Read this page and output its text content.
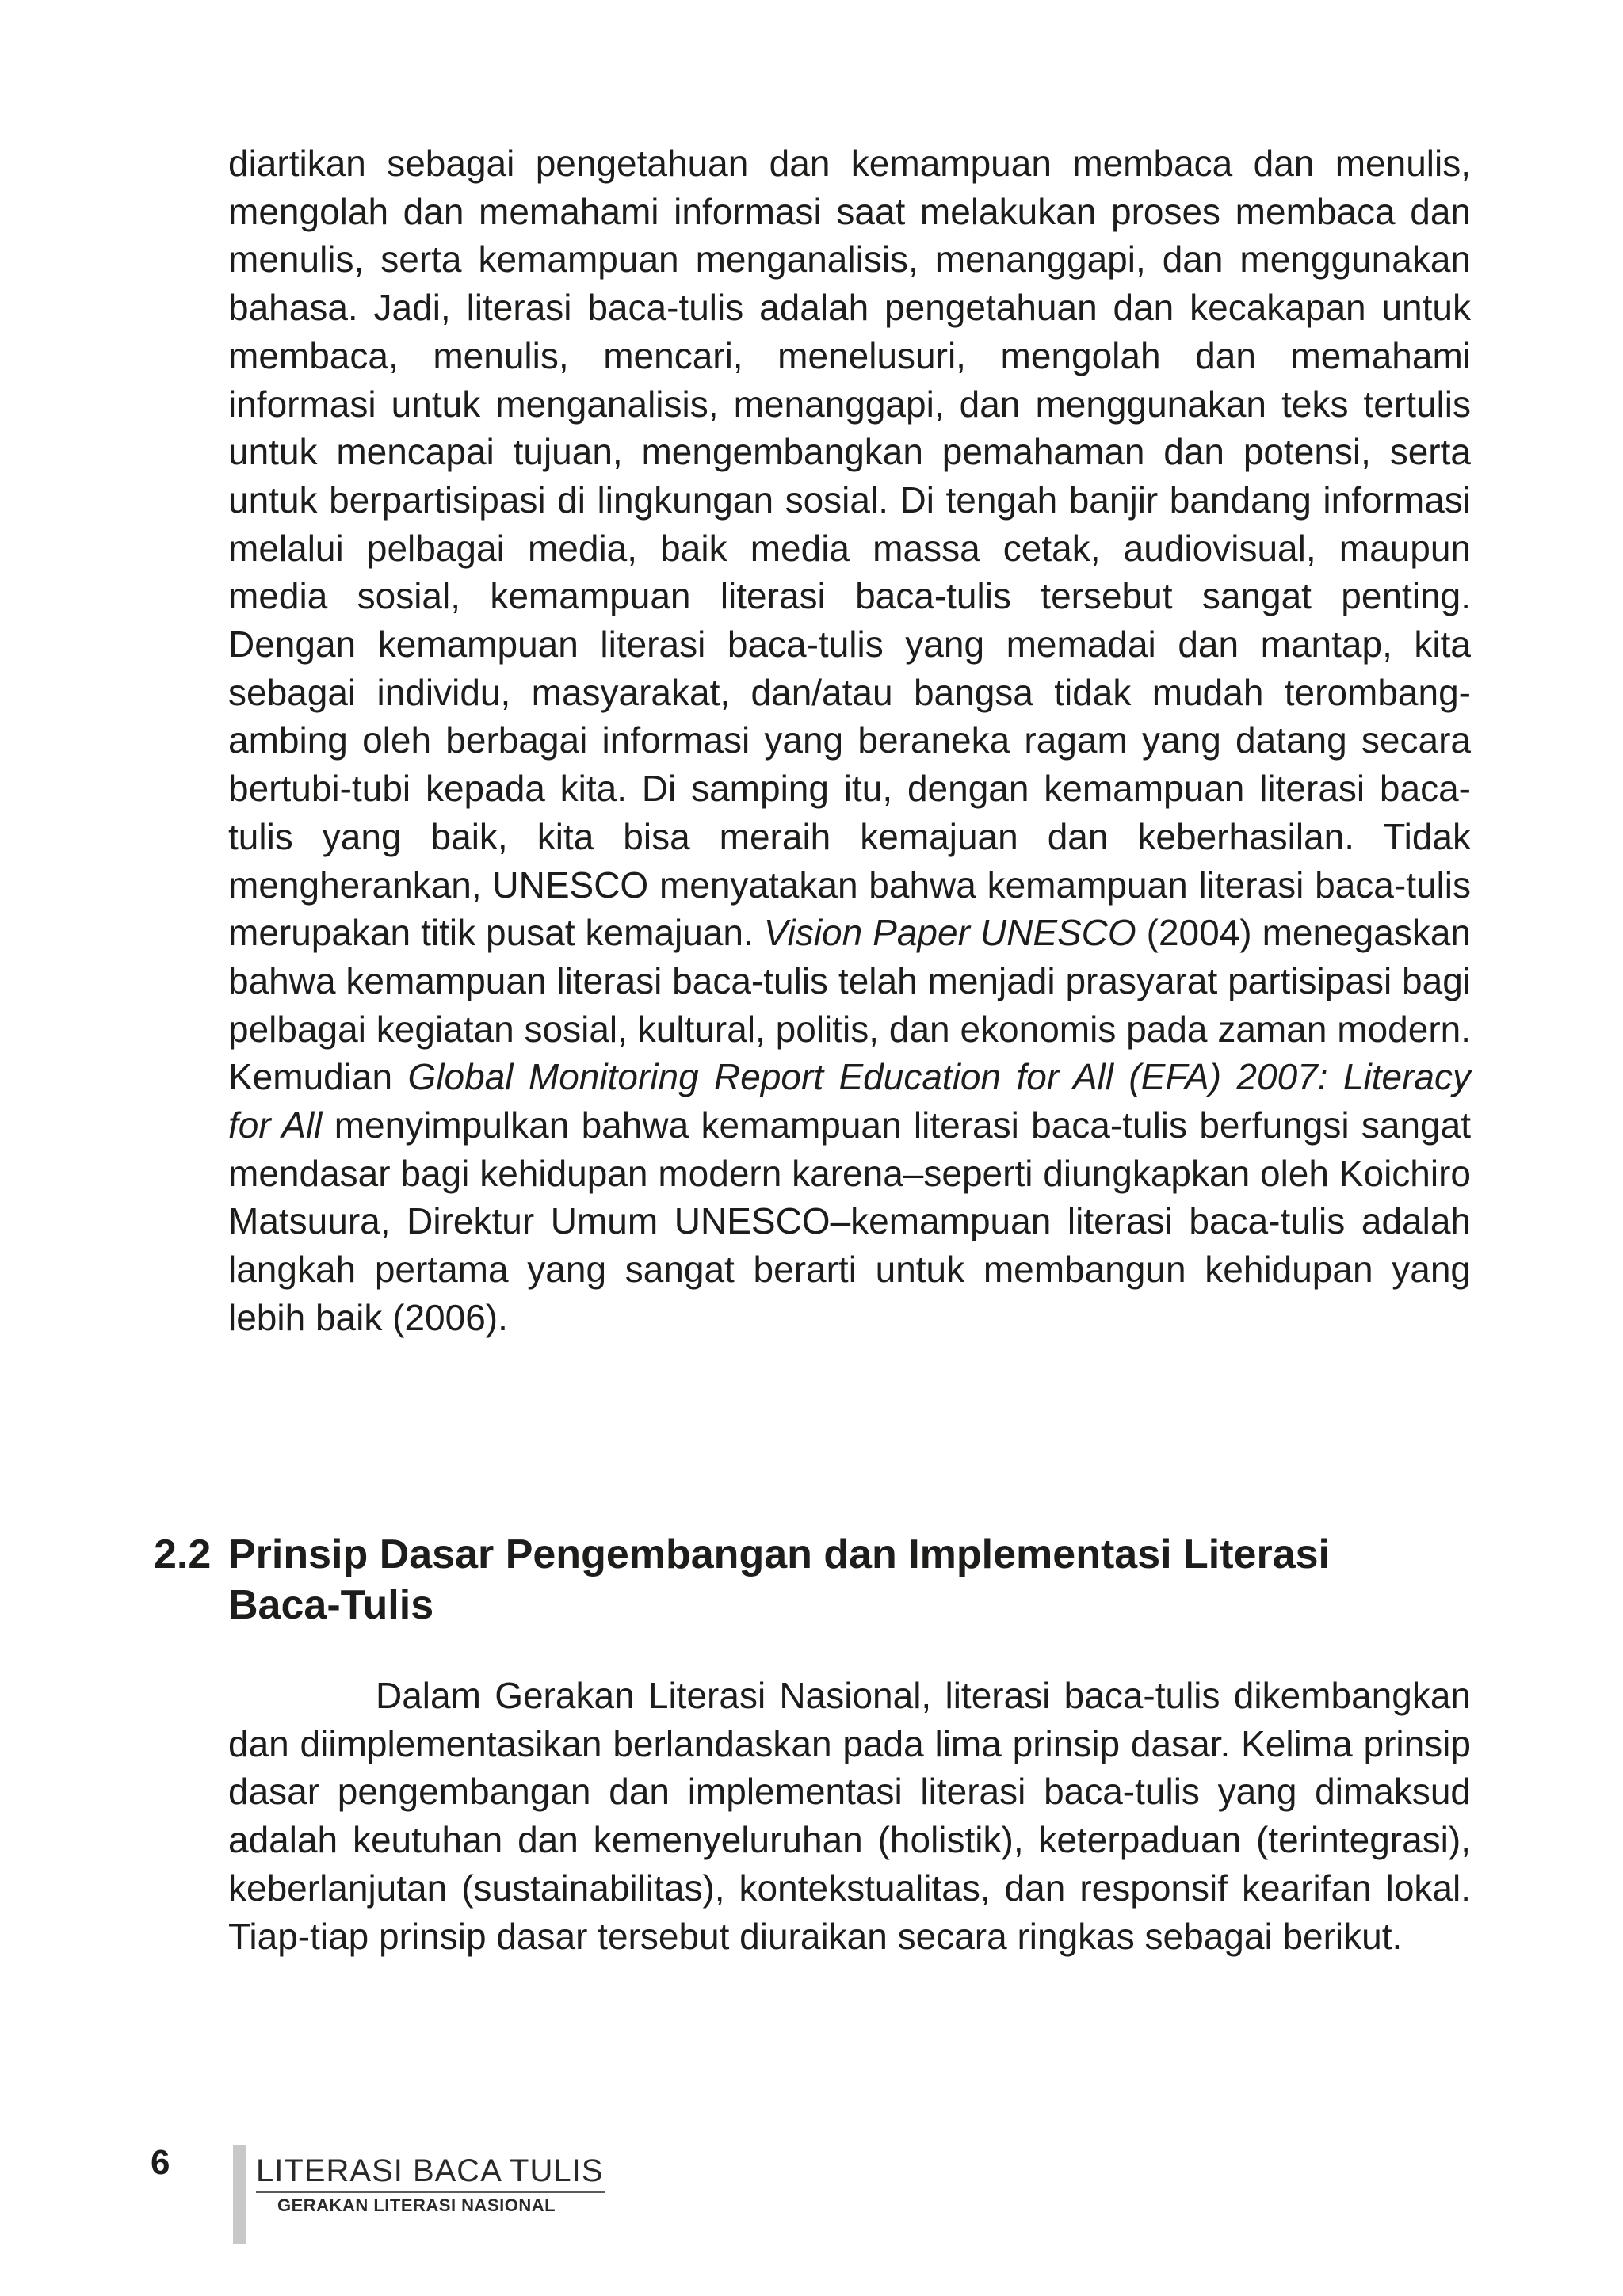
diartikan sebagai pengetahuan dan kemampuan membaca dan menulis, mengolah dan memahami informasi saat melakukan proses membaca dan menulis, serta kemampuan menganalisis, menanggapi, dan menggunakan bahasa. Jadi, literasi baca-tulis adalah pengetahuan dan kecakapan untuk membaca, menulis, mencari, menelusuri, mengolah dan memahami informasi untuk menganalisis, menanggapi, dan menggunakan teks tertulis untuk mencapai tujuan, mengembangkan pemahaman dan potensi, serta untuk berpartisipasi di lingkungan sosial. Di tengah banjir bandang informasi melalui pelbagai media, baik media massa cetak, audiovisual, maupun media sosial, kemampuan literasi baca-tulis tersebut sangat penting. Dengan kemampuan literasi baca-tulis yang memadai dan mantap, kita sebagai individu, masyarakat, dan/atau bangsa tidak mudah terombang-ambing oleh berbagai informasi yang beraneka ragam yang datang secara bertubi-tubi kepada kita. Di samping itu, dengan kemampuan literasi baca-tulis yang baik, kita bisa meraih kemajuan dan keberhasilan. Tidak mengherankan, UNESCO menyatakan bahwa kemampuan literasi baca-tulis merupakan titik pusat kemajuan. Vision Paper UNESCO (2004) menegaskan bahwa kemampuan literasi baca-tulis telah menjadi prasyarat partisipasi bagi pelbagai kegiatan sosial, kultural, politis, dan ekonomis pada zaman modern. Kemudian Global Monitoring Report Education for All (EFA) 2007: Literacy for All menyimpulkan bahwa kemampuan literasi baca-tulis berfungsi sangat mendasar bagi kehidupan modern karena–seperti diungkapkan oleh Koichiro Matsuura, Direktur Umum UNESCO–kemampuan literasi baca-tulis adalah langkah pertama yang sangat berarti untuk membangun kehidupan yang lebih baik (2006).

2.2 Prinsip Dasar Pengembangan dan Implementasi Literasi
Baca-Tulis

Dalam Gerakan Literasi Nasional, literasi baca-tulis dikembangkan dan diimplementasikan berlandaskan pada lima prinsip dasar. Kelima prinsip dasar pengembangan dan implementasi literasi baca-tulis yang dimaksud adalah keutuhan dan kemenyeluruhan (holistik), keterpaduan (terintegrasi), keberlanjutan (sustainabilitas), kontekstualitas, dan responsif kearifan lokal. Tiap-tiap prinsip dasar tersebut diuraikan secara ringkas sebagai berikut.

6	LITERASI BACA TULIS
GERAKAN LITERASI NASIONAL
